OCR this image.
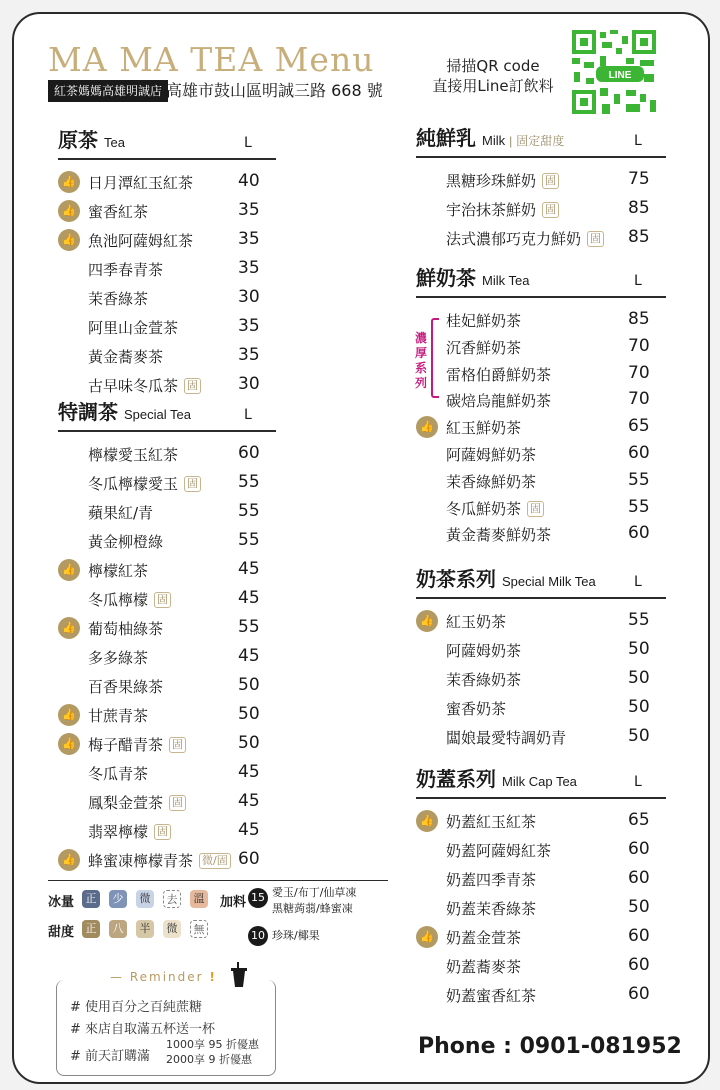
MA MA TEA Menu
紅茶媽媽高雄明誠店 高雄市鼓山區明誠三路 668 號
掃描QR code
直接用Line訂飲料
LINE
原茶 Tea	L
👍 日月潭紅玉紅茶	40
👍 蜜香紅茶	35
👍 魚池阿薩姆紅茶	35
四季春青茶	35
茉香綠茶	30
阿里山金萱茶	35
黃金蕎麥茶	35
古早味冬瓜茶 固 30
特調茶 Special Tea	L
檸檬愛玉紅茶	60
冬瓜檸檬愛玉 固 55
蘋果紅/青	55
黃金柳橙綠	55
👍 檸檬紅茶	45
冬瓜檸檬 固	45
👍 葡萄柚綠茶	55
多多綠茶	45
百香果綠茶	50
👍 甘蔗青茶	50
👍 梅子醋青茶 固	50
冬瓜青茶	45
鳳梨金萱茶 固	45
翡翠檸檬 固	45
👍 蜂蜜凍檸檬青茶 微/固 60
純鮮乳 Milk | 固定甜度	L
黑糖珍珠鮮奶 固	75
宇治抹茶鮮奶 固	85
法式濃郁巧克力鮮奶 固 85
鮮奶茶 Milk Tea	L
桂妃鮮奶茶	85
沉香鮮奶茶	70
雷格伯爵鮮奶茶	70
碳焙烏龍鮮奶茶	70
👍 紅玉鮮奶茶	65
阿薩姆鮮奶茶	60
茉香綠鮮奶茶	55
冬瓜鮮奶茶 固	55
黃金蕎麥鮮奶茶	60
奶茶系列 Special Milk Tea	L
👍 紅玉奶茶	55
阿薩姆奶茶	50
茉香綠奶茶	50
蜜香奶茶	50
闆娘最愛特調奶青	50
奶蓋系列 Milk Cap Tea	L
👍 奶蓋紅玉紅茶	65
奶蓋阿薩姆紅茶	60
奶蓋四季青茶	60
奶蓋茉香綠茶	50
👍 奶蓋金萱茶	60
奶蓋蕎麥茶	60
奶蓋蜜香紅茶	60
濃厚系列
冰量
甜度
加料 15 愛玉/布丁/仙草凍
黑糖蒟蒻/蜂蜜凍
10 珍珠/椰果
正	少	微	去	溫
正	八	半	微	無
— Reminder !
# 使用百分之百純蔗糖
# 來店自取滿五杯送一杯
# 前天訂購滿
1000享 95 折優惠
2000享 9 折優惠
Phone : 0901-081952
